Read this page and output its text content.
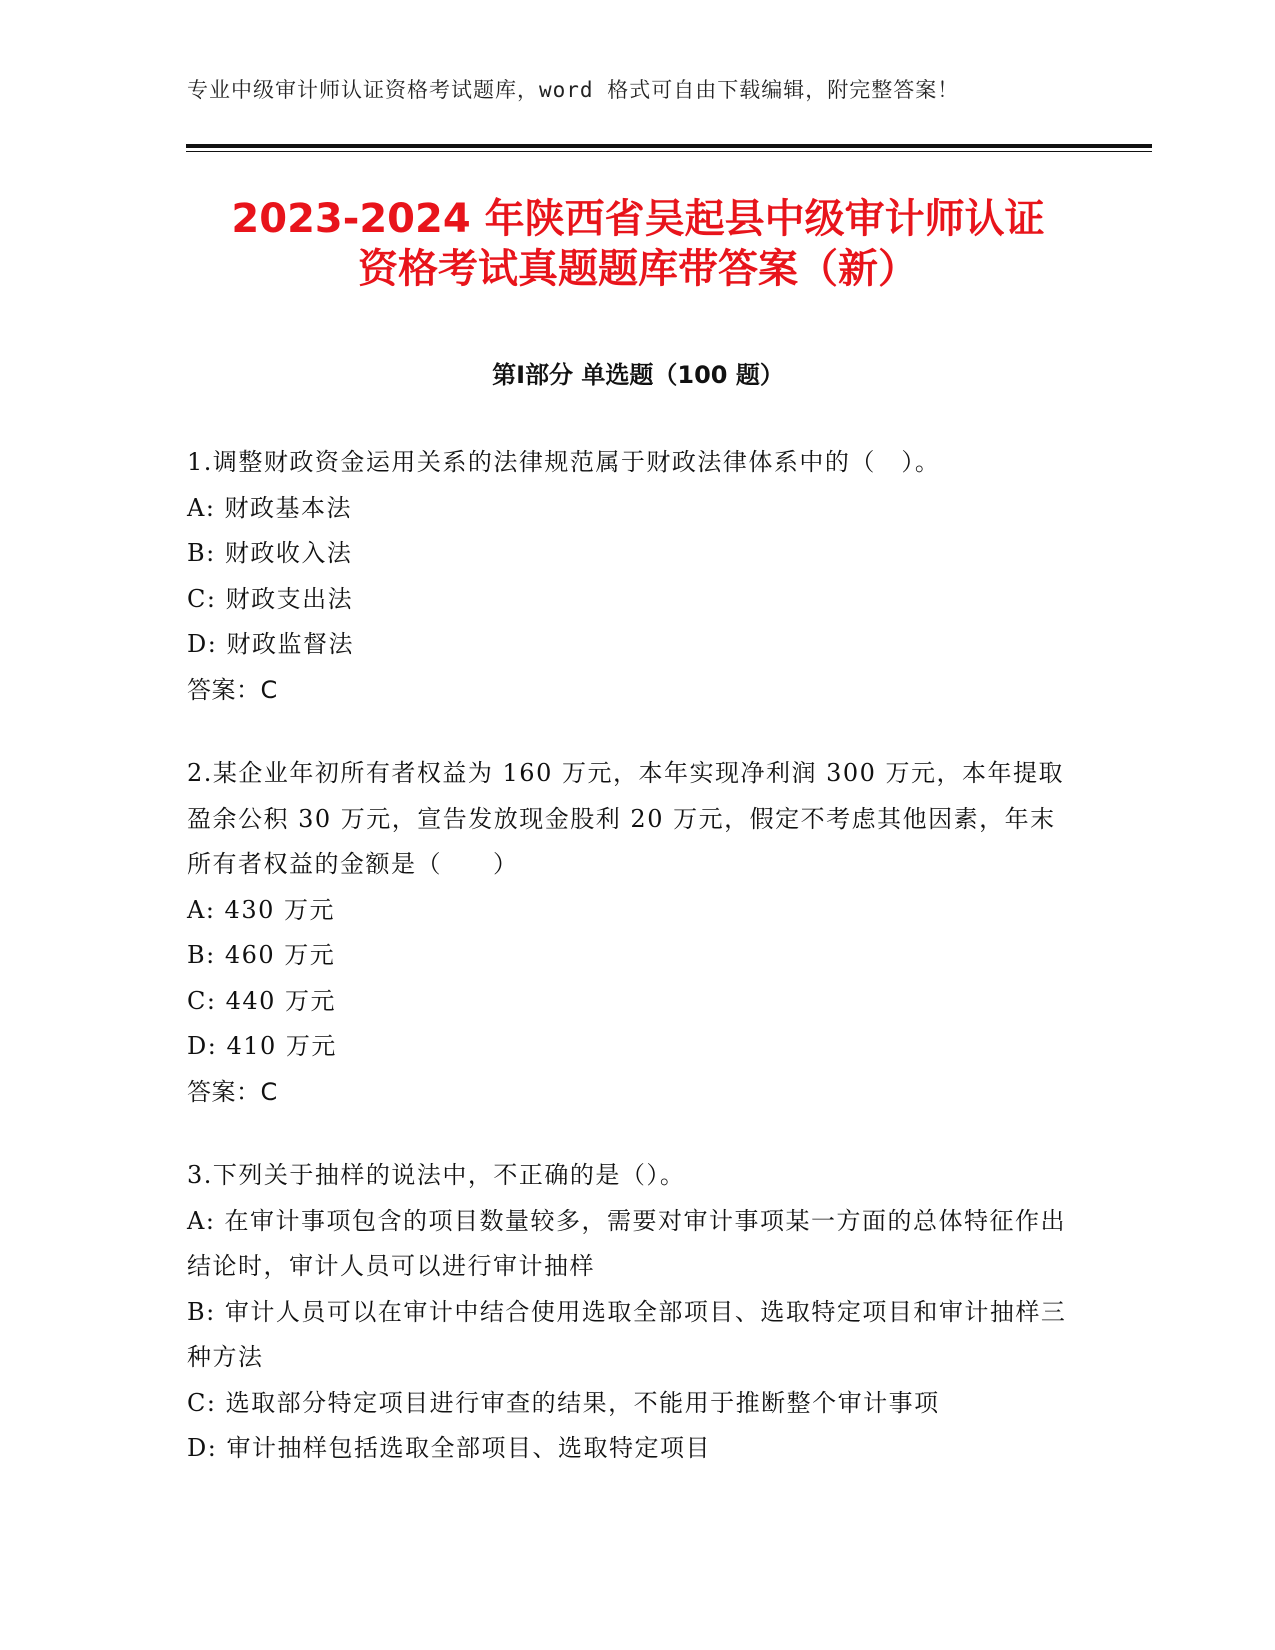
专业中级审计师认证资格考试题库，word 格式可自由下载编辑，附完整答案！
2023-2024 年陕西省吴起县中级审计师认证
资格考试真题题库带答案（新）
第Ⅰ部分 单选题（100 题）

1.调整财政资金运用关系的法律规范属于财政法律体系中的（　）。

A: 财政基本法

B: 财政收入法

C: 财政支出法

D: 财政监督法

答案：C

2.某企业年初所有者权益为 160 万元，本年实现净利润 300 万元，本年提取盈余公积 30 万元，宣告发放现金股利 20 万元，假定不考虑其他因素，年末所有者权益的金额是（　　）

A: 430 万元

B: 460 万元

C: 440 万元

D: 410 万元

答案：C

3.下列关于抽样的说法中，不正确的是（）。

A: 在审计事项包含的项目数量较多，需要对审计事项某一方面的总体特征作出结论时，审计人员可以进行审计抽样

B: 审计人员可以在审计中结合使用选取全部项目、选取特定项目和审计抽样三种方法

C: 选取部分特定项目进行审查的结果，不能用于推断整个审计事项

D: 审计抽样包括选取全部项目、选取特定项目
